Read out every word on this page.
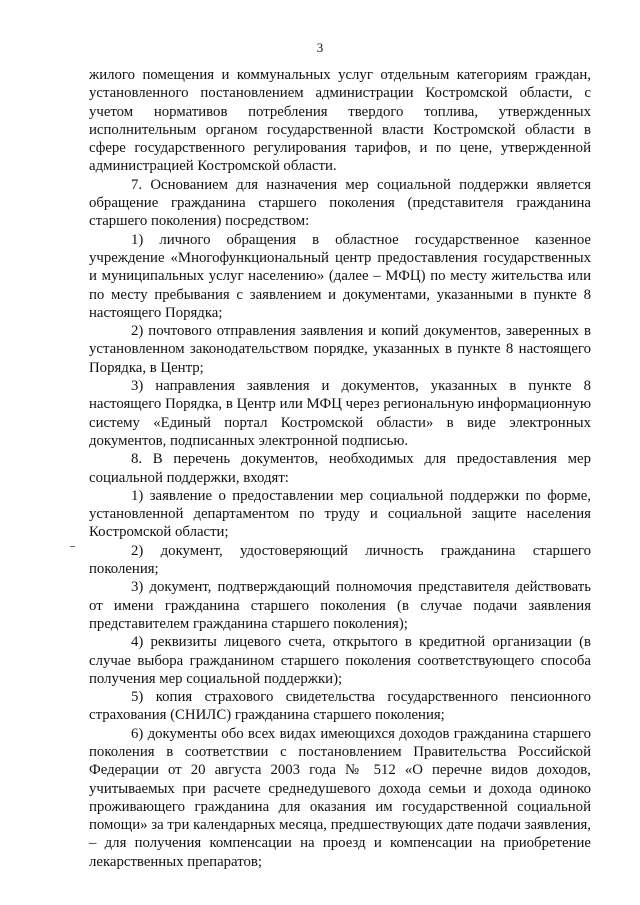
3

жилого помещения и коммунальных услуг отдельным категориям граждан, установленного постановлением администрации Костромской области, с учетом нормативов потребления твердого топлива, утвержденных исполнительным органом государственной власти Костромской области в сфере государственного регулирования тарифов, и по цене, утвержденной администрацией Костромской области.

7. Основанием для назначения мер социальной поддержки является обращение гражданина старшего поколения (представителя гражданина старшего поколения) посредством:

1) личного обращения в областное государственное казенное учреждение «Многофункциональный центр предоставления государственных и муниципальных услуг населению» (далее – МФЦ) по месту жительства или по месту пребывания с заявлением и документами, указанными в пункте 8 настоящего Порядка;

2) почтового отправления заявления и копий документов, заверенных в установленном законодательством порядке, указанных в пункте 8 настоящего Порядка, в Центр;

3) направления заявления и документов, указанных в пункте 8 настоящего Порядка, в Центр или МФЦ через региональную информационную систему «Единый портал Костромской области» в виде электронных документов, подписанных электронной подписью.

8. В перечень документов, необходимых для предоставления мер социальной поддержки, входят:

1) заявление о предоставлении мер социальной поддержки по форме, установленной департаментом по труду и социальной защите населения Костромской области;

2) документ, удостоверяющий личность гражданина старшего поколения;

3) документ, подтверждающий полномочия представителя действовать от имени гражданина старшего поколения (в случае подачи заявления представителем гражданина старшего поколения);

4) реквизиты лицевого счета, открытого в кредитной организации (в случае выбора гражданином старшего поколения соответствующего способа получения мер социальной поддержки);

5) копия страхового свидетельства государственного пенсионного страхования (СНИЛС) гражданина старшего поколения;

6) документы обо всех видах имеющихся доходов гражданина старшего поколения в соответствии с постановлением Правительства Российской Федерации от 20 августа 2003 года № 512 «О перечне видов доходов, учитываемых при расчете среднедушевого дохода семьи и дохода одиноко проживающего гражданина для оказания им государственной социальной помощи» за три календарных месяца, предшествующих дате подачи заявления, – для получения компенсации на проезд и компенсации на приобретение лекарственных препаратов;
